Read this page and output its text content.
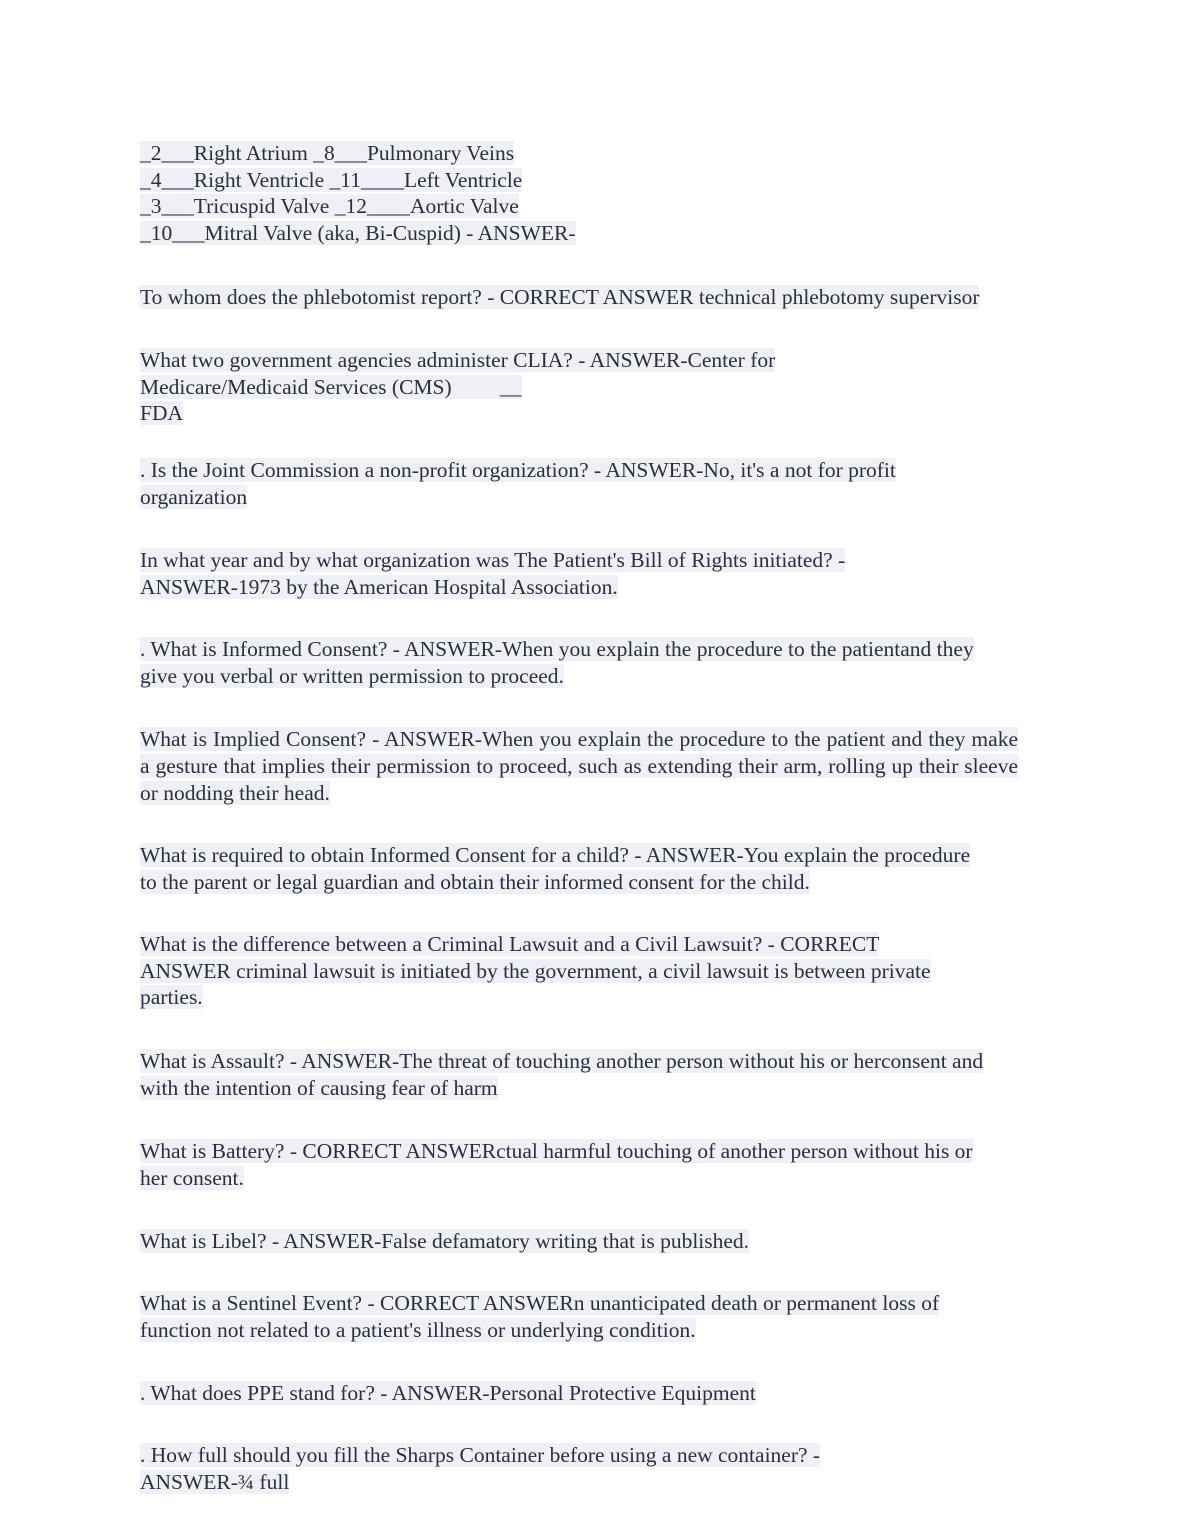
_2___Right Atrium _8___Pulmonary Veins
_4___Right Ventricle _11____Left Ventricle
_3___Tricuspid Valve _12____Aortic Valve
_10___Mitral Valve (aka, Bi-Cuspid) - ANSWER-
To whom does the phlebotomist report? - CORRECT ANSWER technical phlebotomy supervisor
What two government agencies administer CLIA? - ANSWER-Center for
Medicare/Medicaid Services (CMS)         __
FDA
. Is the Joint Commission a non-profit organization? - ANSWER-No, it's a not for profit
organization
In what year and by what organization was The Patient's Bill of Rights initiated? -
ANSWER-1973 by the American Hospital Association.
. What is Informed Consent? - ANSWER-When you explain the procedure to the patientand they
give you verbal or written permission to proceed.
What is Implied Consent? - ANSWER-When you explain the procedure to the patient and they make a gesture that implies their permission to proceed, such as extending their arm, rolling up their sleeve or nodding their head.
What is required to obtain Informed Consent for a child? - ANSWER-You explain the procedure
to the parent or legal guardian and obtain their informed consent for the child.
What is the difference between a Criminal Lawsuit and a Civil Lawsuit? - CORRECT
ANSWER criminal lawsuit is initiated by the government, a civil lawsuit is between private
parties.
What is Assault? - ANSWER-The threat of touching another person without his or herconsent and
with the intention of causing fear of harm
What is Battery? - CORRECT ANSWERctual harmful touching of another person without his or
her consent.
What is Libel? - ANSWER-False defamatory writing that is published.
What is a Sentinel Event? - CORRECT ANSWERn unanticipated death or permanent loss of
function not related to a patient's illness or underlying condition.
. What does PPE stand for? - ANSWER-Personal Protective Equipment
. How full should you fill the Sharps Container before using a new container? -
ANSWER-¾ full
